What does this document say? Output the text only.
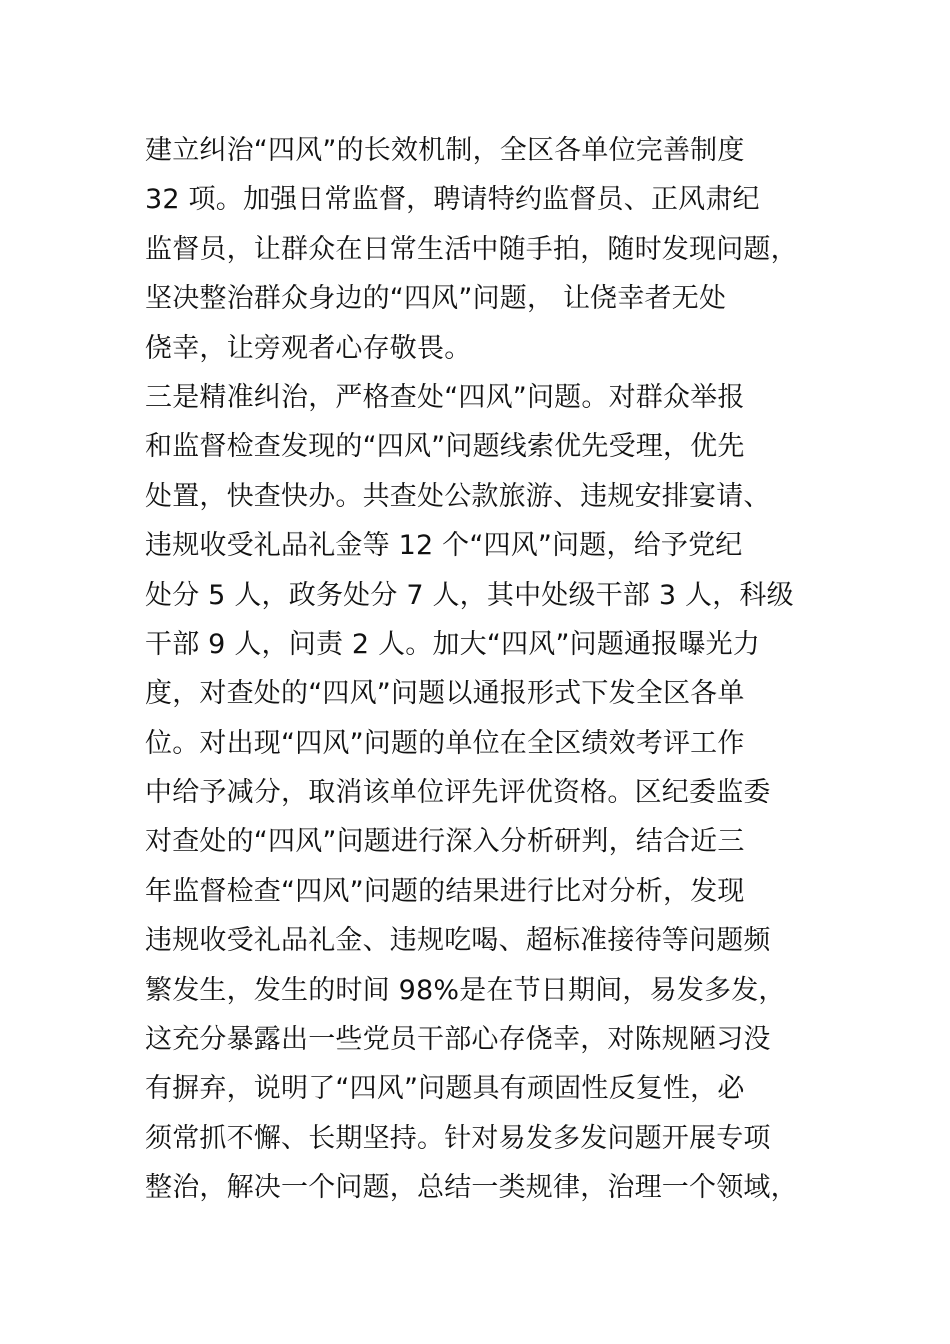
建立纠治“四风”的长效机制，全区各单位完善制度
32 项。加强日常监督，聘请特约监督员、正风肃纪
监督员，让群众在日常生活中随手拍，随时发现问题，
坚决整治群众身边的“四风”问题， 让侥幸者无处
侥幸，让旁观者心存敬畏。
三是精准纠治，严格查处“四风”问题。对群众举报
和监督检查发现的“四风”问题线索优先受理，优先
处置，快查快办。共查处公款旅游、违规安排宴请、
违规收受礼品礼金等 12 个“四风”问题，给予党纪
处分 5 人，政务处分 7 人，其中处级干部 3 人，科级
干部 9 人，问责 2 人。加大“四风”问题通报曝光力
度，对查处的“四风”问题以通报形式下发全区各单
位。对出现“四风”问题的单位在全区绩效考评工作
中给予减分，取消该单位评先评优资格。区纪委监委
对查处的“四风”问题进行深入分析研判，结合近三
年监督检查“四风”问题的结果进行比对分析，发现
违规收受礼品礼金、违规吃喝、超标准接待等问题频
繁发生，发生的时间 98%是在节日期间，易发多发，
这充分暴露出一些党员干部心存侥幸，对陈规陋习没
有摒弃，说明了“四风”问题具有顽固性反复性，必
须常抓不懈、长期坚持。针对易发多发问题开展专项
整治，解决一个问题，总结一类规律，治理一个领域，
